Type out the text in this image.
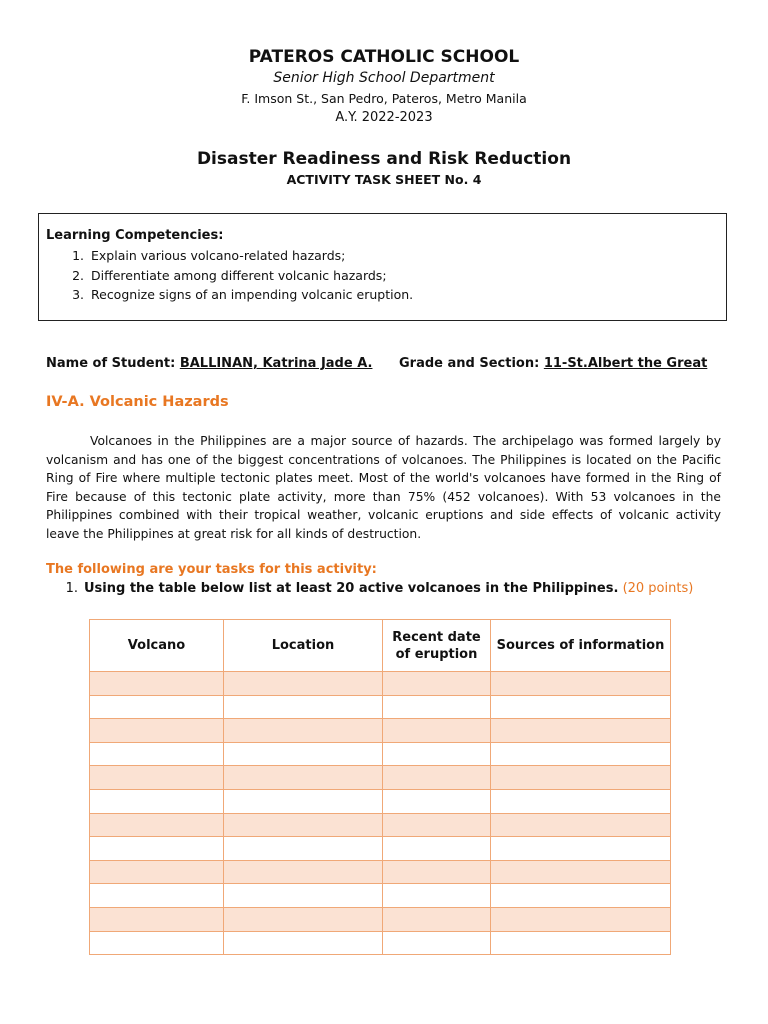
PATEROS CATHOLIC SCHOOL
Senior High School Department
F. Imson St., San Pedro, Pateros, Metro Manila
A.Y. 2022-2023
Disaster Readiness and Risk Reduction
ACTIVITY TASK SHEET No. 4
Learning Competencies:
1. Explain various volcano-related hazards;
2. Differentiate among different volcanic hazards;
3. Recognize signs of an impending volcanic eruption.
Name of Student: BALLINAN, Katrina Jade A. Grade and Section: 11-St.Albert the Great
IV-A. Volcanic Hazards

Volcanoes in the Philippines are a major source of hazards. The archipelago was formed largely by volcanism and has one of the biggest concentrations of volcanoes. The Philippines is located on the Pacific Ring of Fire where multiple tectonic plates meet. Most of the world's volcanoes have formed in the Ring of Fire because of this tectonic plate activity, more than 75% (452 volcanoes). With 53 volcanoes in the Philippines combined with their tropical weather, volcanic eruptions and side effects of volcanic activity leave the Philippines at great risk for all kinds of destruction.

The following are your tasks for this activity:
1. Using the table below list at least 20 active volcanoes in the Philippines. (20 points)
Volcano	Location	Recent date of eruption	Sources of information
